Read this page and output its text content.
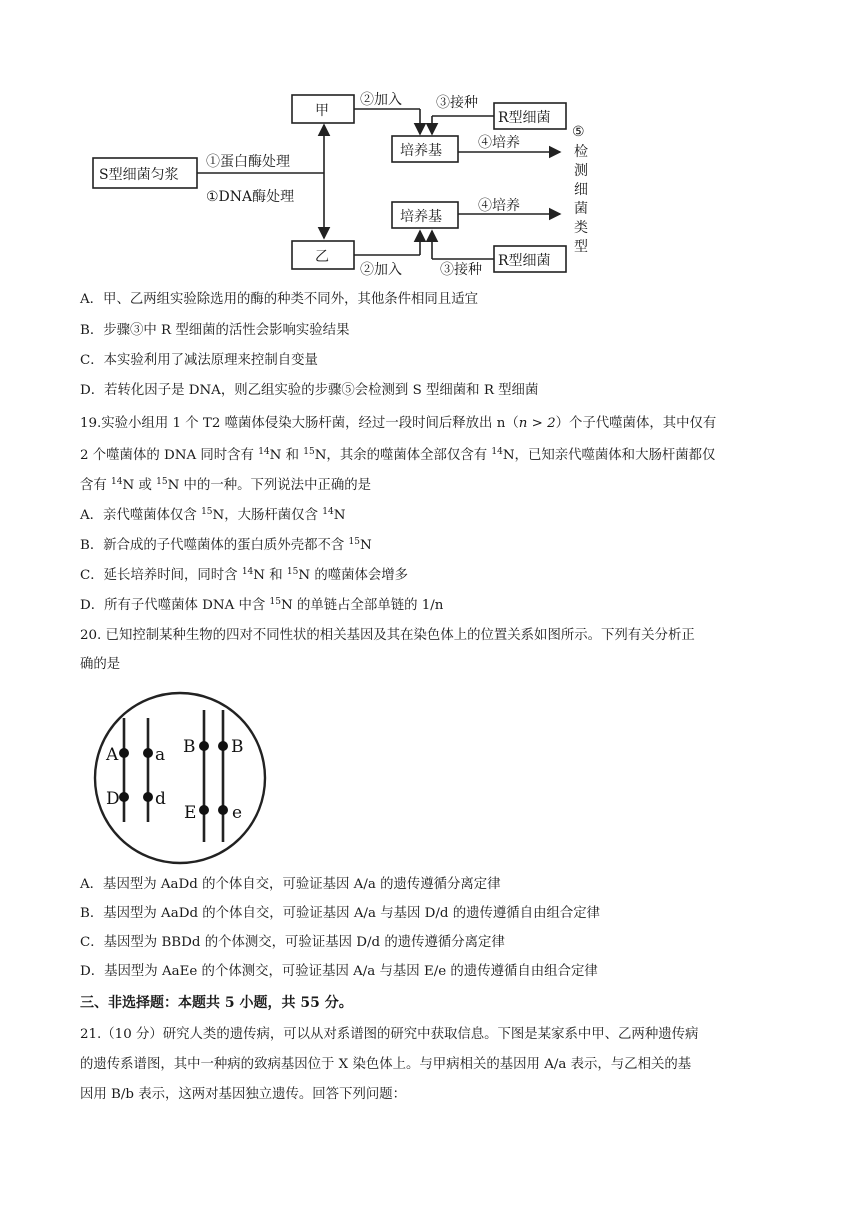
S型细菌匀浆
甲
乙
培养基
培养基
R型细菌
R型细菌
①蛋白酶处理
①DNA酶处理
②加入
②加入
③接种
③接种
④培养
④培养
⑤
检
测
细
菌
类
型
A．甲、乙两组实验除选用的酶的种类不同外，其他条件相同且适宜
B．步骤③中 R 型细菌的活性会影响实验结果
C．本实验利用了减法原理来控制自变量
D．若转化因子是 DNA，则乙组实验的步骤⑤会检测到 S 型细菌和 R 型细菌
19.实验小组用 1 个 T2 噬菌体侵染大肠杆菌，经过一段时间后释放出 n（n > 2）个子代噬菌体，其中仅有
2 个噬菌体的 DNA 同时含有 $^{14}$N 和 $^{15}$N，其余的噬菌体全部仅含有 $^{14}$N，已知亲代噬菌体和大肠杆菌都仅
含有 $^{14}$N 或 $^{15}$N 中的一种。下列说法中正确的是
A．亲代噬菌体仅含 $^{15}$N，大肠杆菌仅含 $^{14}$N
B．新合成的子代噬菌体的蛋白质外壳都不含 $^{15}$N
C．延长培养时间，同时含 $^{14}$N 和 $^{15}$N 的噬菌体会增多
D．所有子代噬菌体 DNA 中含 $^{15}$N 的单链占全部单链的 1/n
20. 已知控制某种生物的四对不同性状的相关基因及其在染色体上的位置关系如图所示。下列有关分析正
确的是
A a
D d
B B
E e
A．基因型为 AaDd 的个体自交，可验证基因 A/a 的遗传遵循分离定律
B．基因型为 AaDd 的个体自交，可验证基因 A/a 与基因 D/d 的遗传遵循自由组合定律
C．基因型为 BBDd 的个体测交，可验证基因 D/d 的遗传遵循分离定律
D．基因型为 AaEe 的个体测交，可验证基因 A/a 与基因 E/e 的遗传遵循自由组合定律
三、非选择题：本题共 5 小题，共 55 分。
21.（10 分）研究人类的遗传病，可以从对系谱图的研究中获取信息。下图是某家系中甲、乙两种遗传病
的遗传系谱图，其中一种病的致病基因位于 X 染色体上。与甲病相关的基因用 A/a 表示，与乙相关的基
因用 B/b 表示，这两对基因独立遗传。回答下列问题：
